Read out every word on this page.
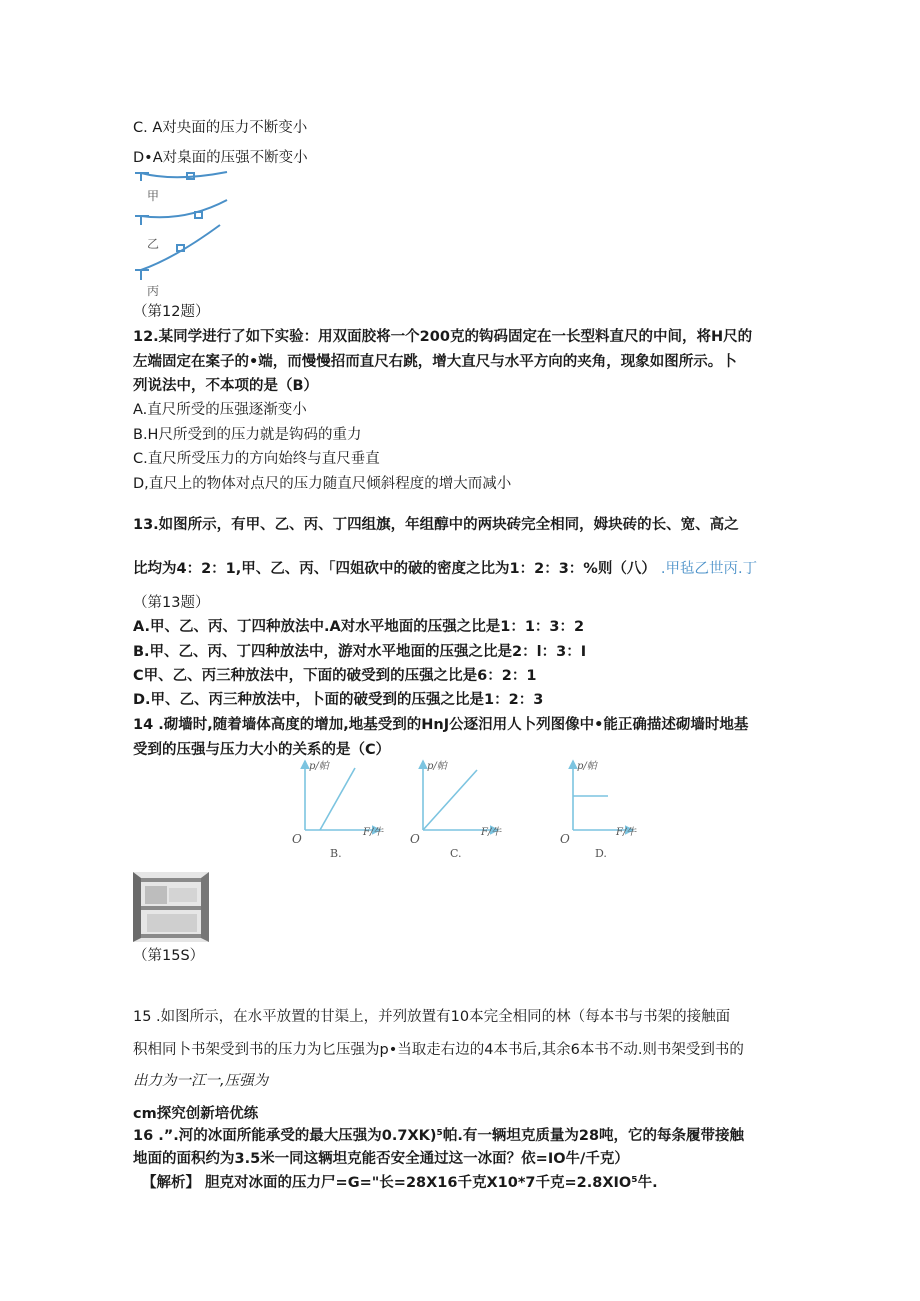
C. A对央面的压力不断变小
D•A对臬面的压强不断变小
甲
乙
丙
（第12题）
12.某同学进行了如下实验：用双面胶将一个200克的钩码固定在一长型料直尺的中间，将H尺的
左端固定在案子的•端，而慢慢招而直尺右跳，增大直尺与水平方向的夹角，现象如图所示。卜
列说法中，不本项的是（B）
A.直尺所受的压强逐渐变小
B.H尺所受到的压力就是钩码的重力
C.直尺所受压力的方向始终与直尺垂直
D,直尺上的物体对点尺的压力随直尺倾斜程度的增大而减小
13.如图所示，有甲、乙、丙、丁四组旗，年组醇中的两块砖完全相同，姆块砖的长、宽、高之
比均为4：2：1,甲、乙、丙、「四姐砍中的破的密度之比为1：2：3：%则（八） .甲毡乙世丙.丁
（第13题）
A.甲、乙、丙、丁四种放法中.A对水平地面的压强之比是1：1：3：2
B.甲、乙、丙、丁四种放法中，游对水平地面的压强之比是2：l：3：I
C甲、乙、丙三种放法中，下面的破受到的压强之比是6：2：1
D.甲、乙、丙三种放法中，卜面的破受到的压强之比是1：2：3
14 .砌墙时,随着墙体高度的增加,地基受到的HnJ公逐汨用人卜列图像中•能正确描述砌墙时地基
受到的压强与压力大小的关系的是（C）
p/帕
F/牛
O
p/帕
F/牛
O
p/帕
F/牛
O
B.	C.	D.
（第15S）
15 .如图所示，在水平放置的甘渠上，并列放置有10本完全相同的林（每本书与书架的接触面
积相同卜书架受到书的压力为匕压强为p•当取走右边的4本书后,其余6本书不动.则书架受到书的
出力为一江一,压强为
cm探究创新培优练
16 .”.河的冰面所能承受的最大压强为0.7XK)⁵帕.有一辆坦克质量为28吨，它的每条履带接触
地面的面积约为3.5米一同这辆坦克能否安全通过这一冰面？依=IO牛/千克）
【解析】 胆克对冰面的压力尸=G="长=28X16千克X10*7千克=2.8XIO⁵牛.
